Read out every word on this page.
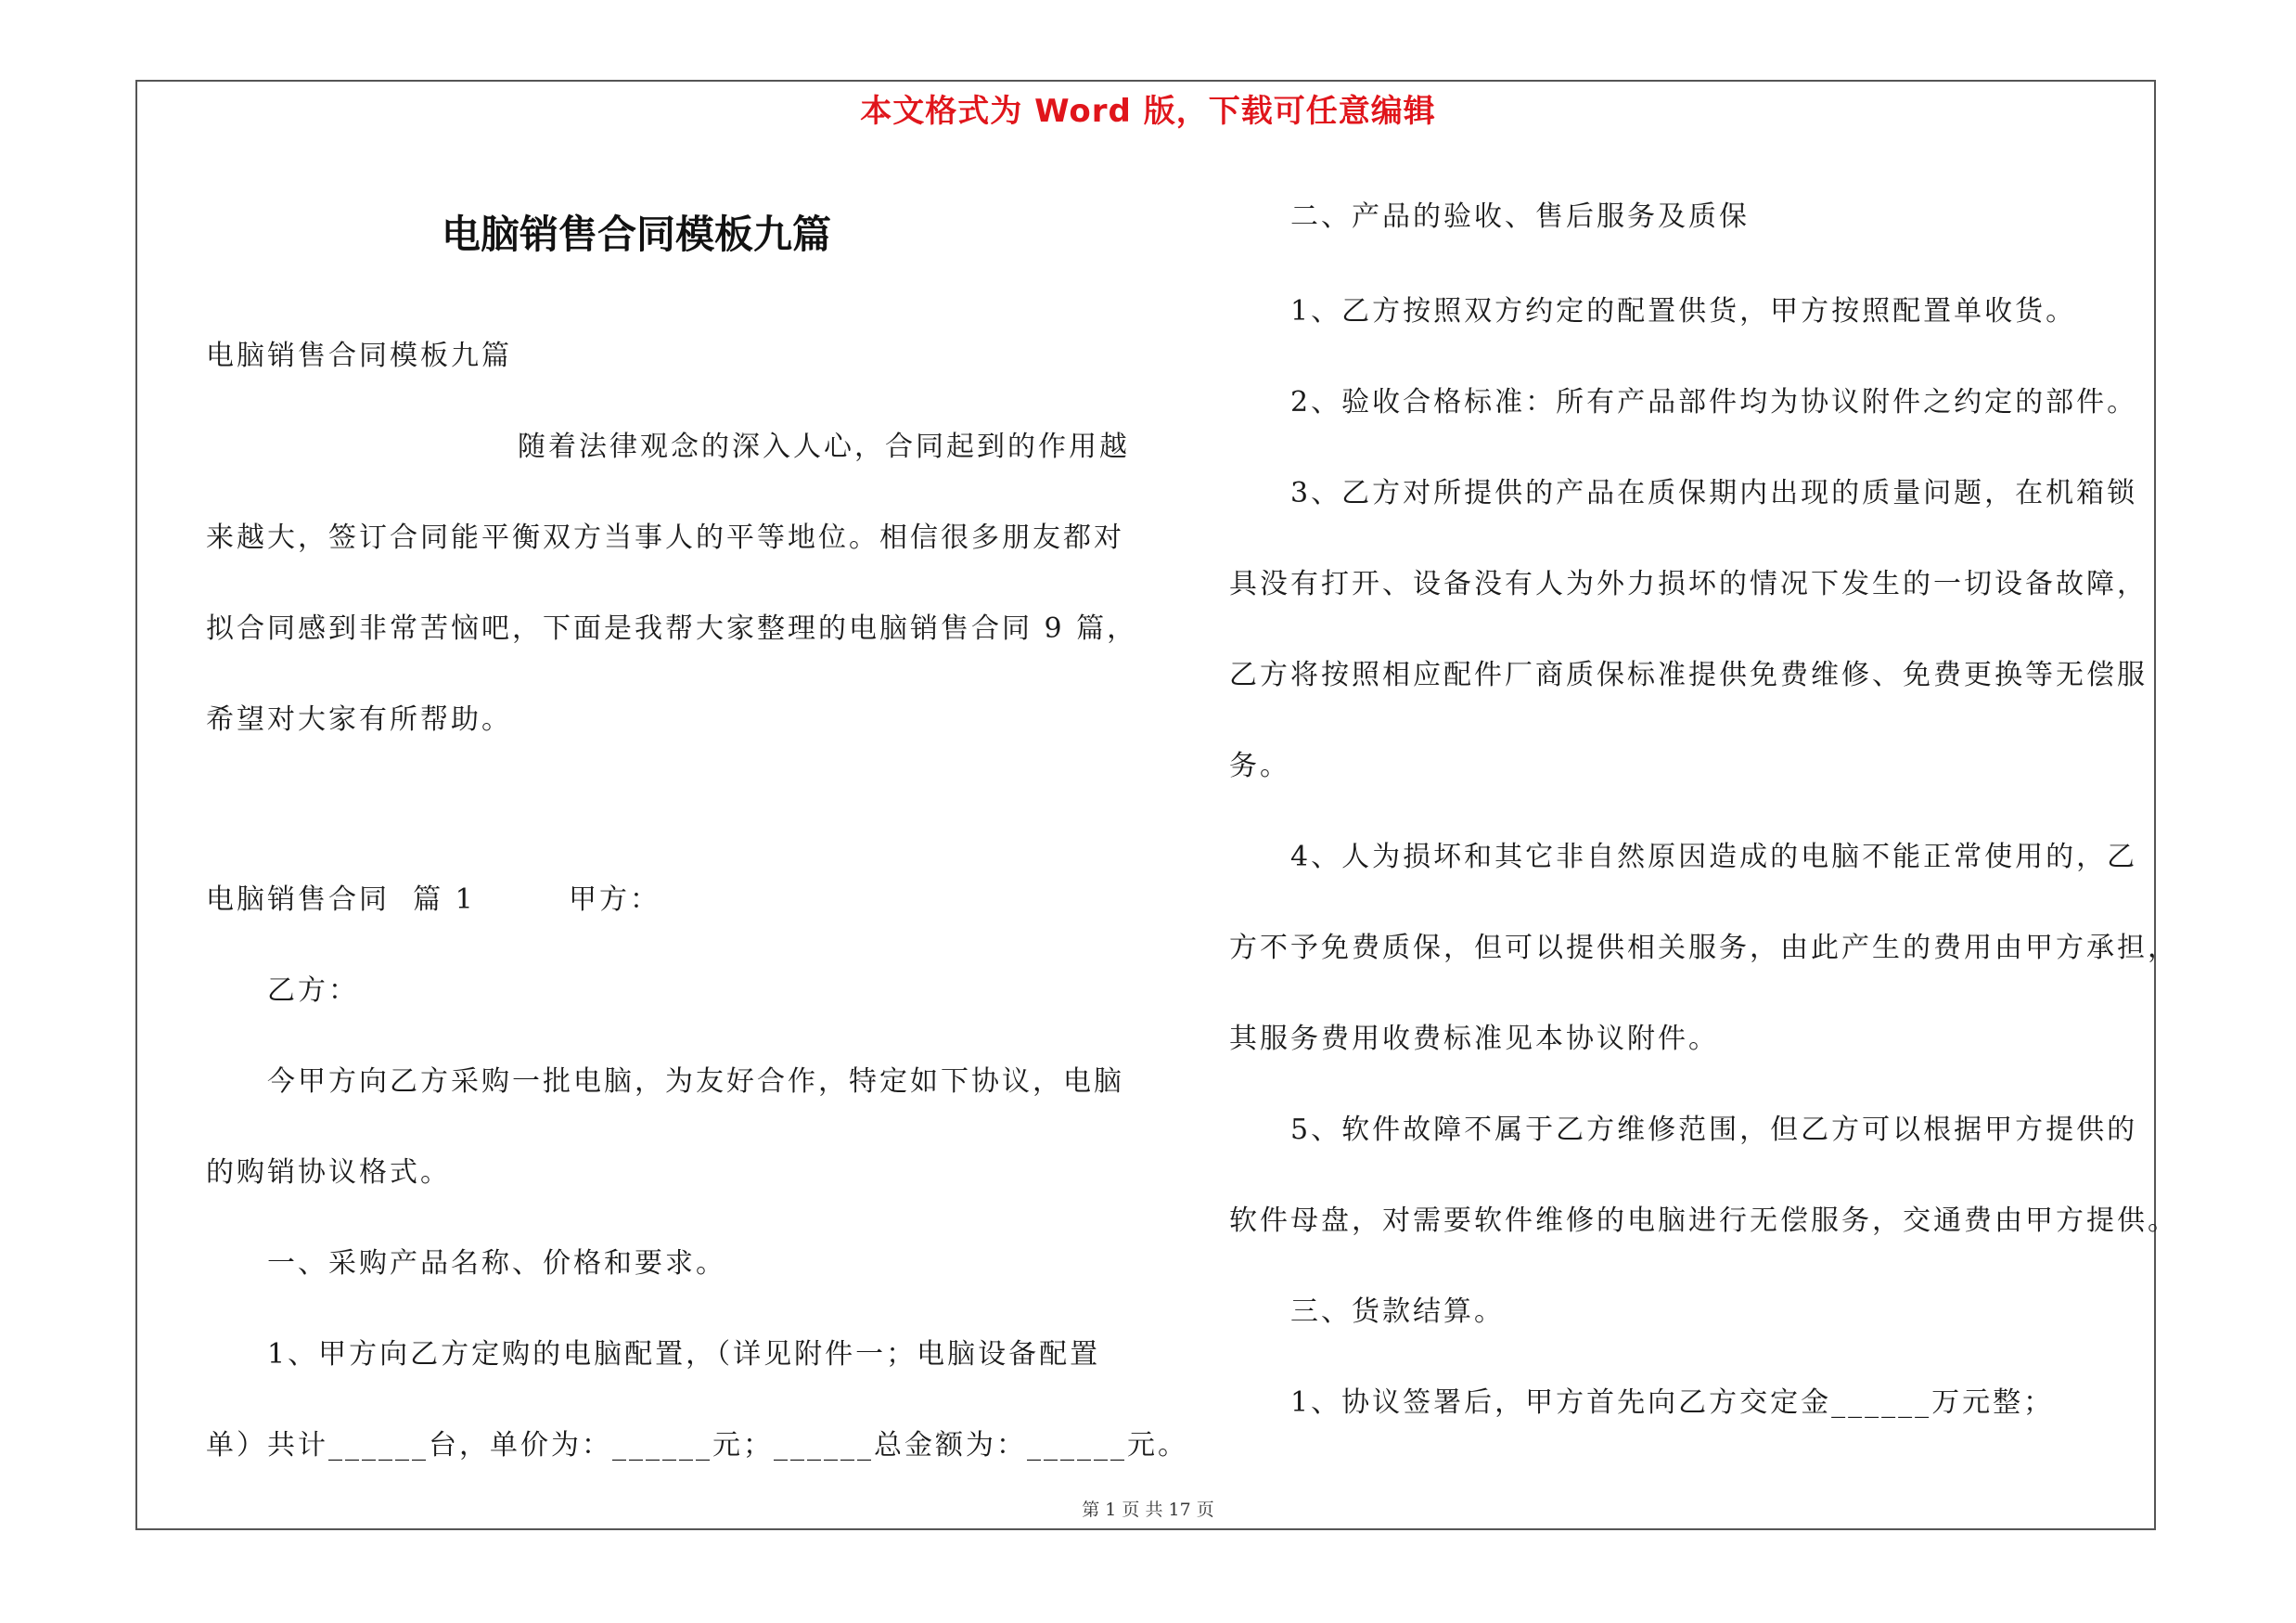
本文格式为 Word 版，下载可任意编辑
电脑销售合同模板九篇

电脑销售合同模板九篇

随着法律观念的深入人心，合同起到的作用越

来越大，签订合同能平衡双方当事人的平等地位。相信很多朋友都对

拟合同感到非常苦恼吧，下面是我帮大家整理的电脑销售合同 9 篇，

希望对大家有所帮助。

电脑销售合同  篇 1        甲方：

乙方：

今甲方向乙方采购一批电脑，为友好合作，特定如下协议，电脑

的购销协议格式。

一、采购产品名称、价格和要求。

1、甲方向乙方定购的电脑配置，（详见附件一；电脑设备配置

单）共计______台，单价为：______元；______总金额为：______元。

二、产品的验收、售后服务及质保

1、乙方按照双方约定的配置供货，甲方按照配置单收货。

2、验收合格标准：所有产品部件均为协议附件之约定的部件。

3、乙方对所提供的产品在质保期内出现的质量问题，在机箱锁

具没有打开、设备没有人为外力损坏的情况下发生的一切设备故障，

乙方将按照相应配件厂商质保标准提供免费维修、免费更换等无偿服

务。

4、人为损坏和其它非自然原因造成的电脑不能正常使用的，乙

方不予免费质保，但可以提供相关服务，由此产生的费用由甲方承担，

其服务费用收费标准见本协议附件。

5、软件故障不属于乙方维修范围，但乙方可以根据甲方提供的

软件母盘，对需要软件维修的电脑进行无偿服务，交通费由甲方提供。

三、货款结算。

1、协议签署后，甲方首先向乙方交定金______万元整；

第 1 页 共 17 页
